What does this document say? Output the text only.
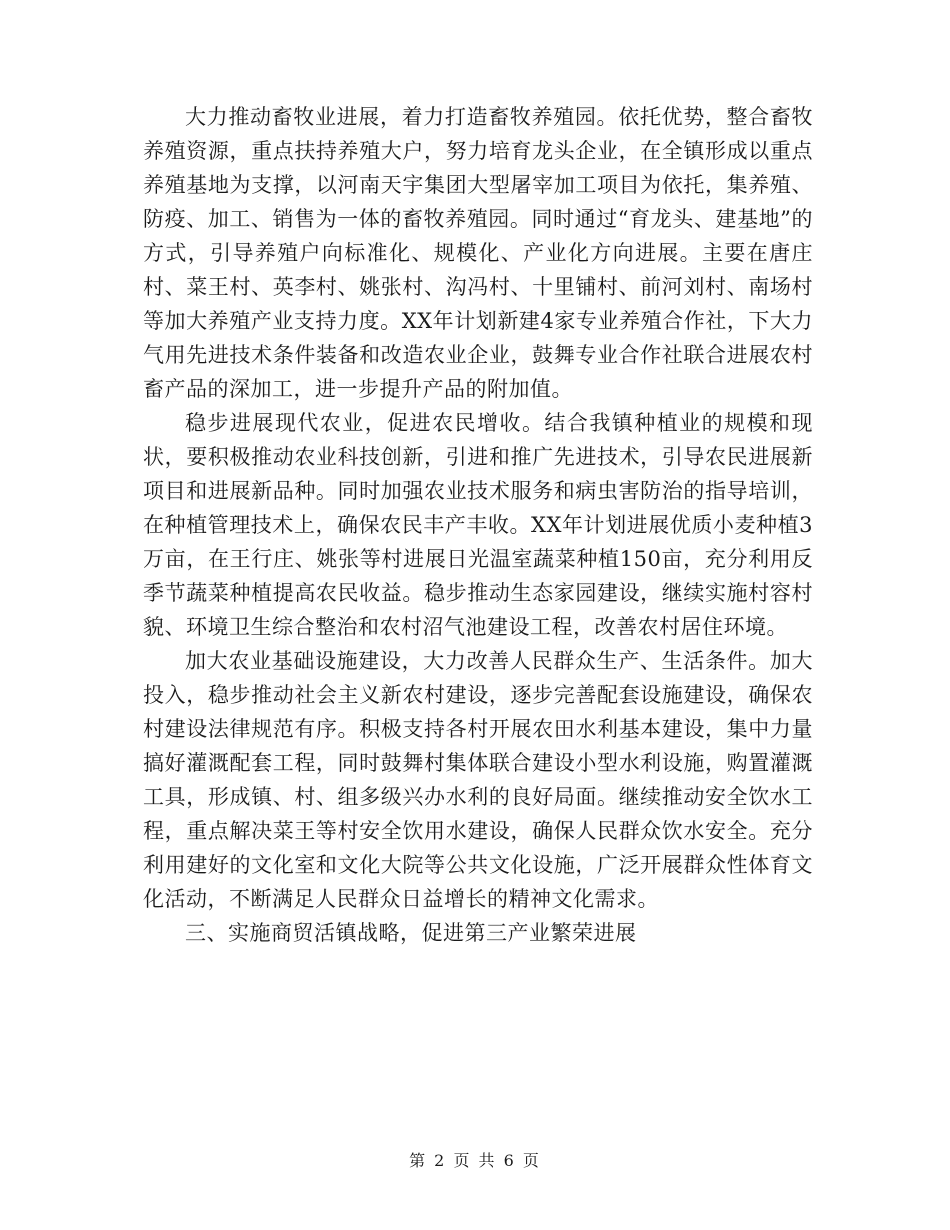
大力推动畜牧业进展，着力打造畜牧养殖园。依托优势，整合畜牧养殖资源，重点扶持养殖大户，努力培育龙头企业，在全镇形成以重点养殖基地为支撑，以河南天宇集团大型屠宰加工项目为依托，集养殖、防疫、加工、销售为一体的畜牧养殖园。同时通过“育龙头、建基地”的方式，引导养殖户向标准化、规模化、产业化方向进展。主要在唐庄村、菜王村、英李村、姚张村、沟冯村、十里铺村、前河刘村、南场村等加大养殖产业支持力度。XX年计划新建4家专业养殖合作社，下大力气用先进技术条件装备和改造农业企业，鼓舞专业合作社联合进展农村畜产品的深加工，进一步提升产品的附加值。

稳步进展现代农业，促进农民增收。结合我镇种植业的规模和现状，要积极推动农业科技创新，引进和推广先进技术，引导农民进展新项目和进展新品种。同时加强农业技术服务和病虫害防治的指导培训，在种植管理技术上，确保农民丰产丰收。XX年计划进展优质小麦种植3万亩，在王行庄、姚张等村进展日光温室蔬菜种植150亩，充分利用反季节蔬菜种植提高农民收益。稳步推动生态家园建设，继续实施村容村貌、环境卫生综合整治和农村沼气池建设工程，改善农村居住环境。

加大农业基础设施建设，大力改善人民群众生产、生活条件。加大投入，稳步推动社会主义新农村建设，逐步完善配套设施建设，确保农村建设法律规范有序。积极支持各村开展农田水利基本建设，集中力量搞好灌溉配套工程，同时鼓舞村集体联合建设小型水利设施，购置灌溉工具，形成镇、村、组多级兴办水利的良好局面。继续推动安全饮水工程，重点解决菜王等村安全饮用水建设，确保人民群众饮水安全。充分利用建好的文化室和文化大院等公共文化设施，广泛开展群众性体育文化活动，不断满足人民群众日益增长的精神文化需求。

三、实施商贸活镇战略，促进第三产业繁荣进展

第 2 页 共 6 页
